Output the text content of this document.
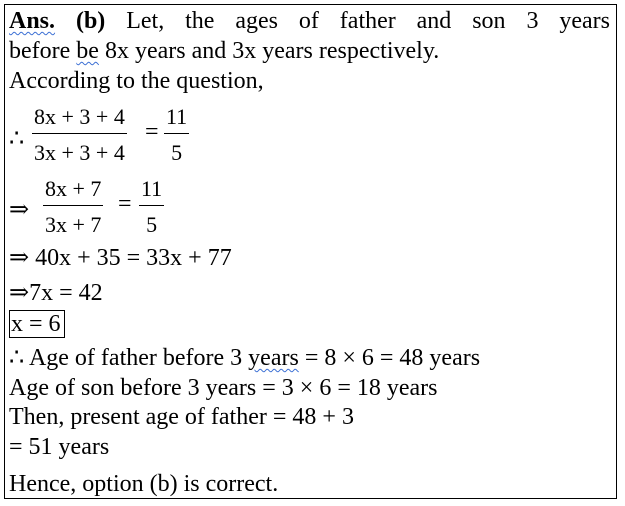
Ans. (b) Let, the ages of father and son 3 years
before be 8x years and 3x years respectively.
According to the question,
∴ $\frac{8x + 3 + 4}{3x + 3 + 4} = \frac{11}{5}$
⇒ $\frac{8x + 7}{3x + 7} = \frac{11}{5}$
⇒ 40x + 35 = 33x + 77
⇒7x = 42
x = 6
∴ Age of father before 3 years = 8 × 6 = 48 years
Age of son before 3 years = 3 × 6 = 18 years
Then, present age of father = 48 + 3
= 51 years
Hence, option (b) is correct.
